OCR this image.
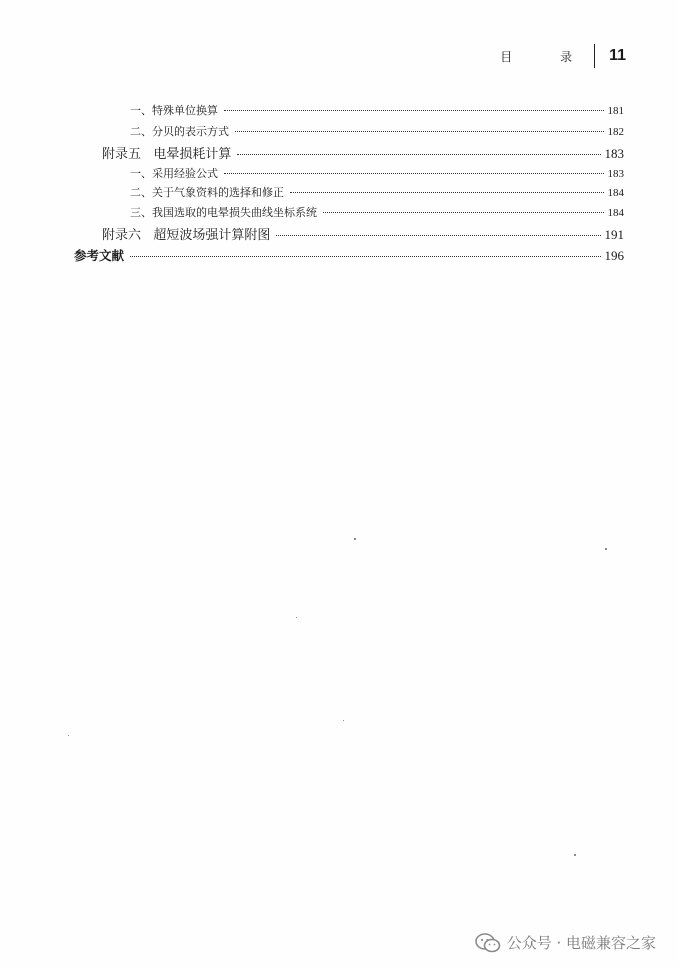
目 录 11
一、特殊单位换算	181
二、分贝的表示方式	182
附录五   电晕损耗计算	183
一、采用经验公式	183
二、关于气象资料的选择和修正	184
三、我国选取的电晕损失曲线坐标系统	184
附录六   超短波场强计算附图	191
参考文献	196
公众号 · 电磁兼容之家
